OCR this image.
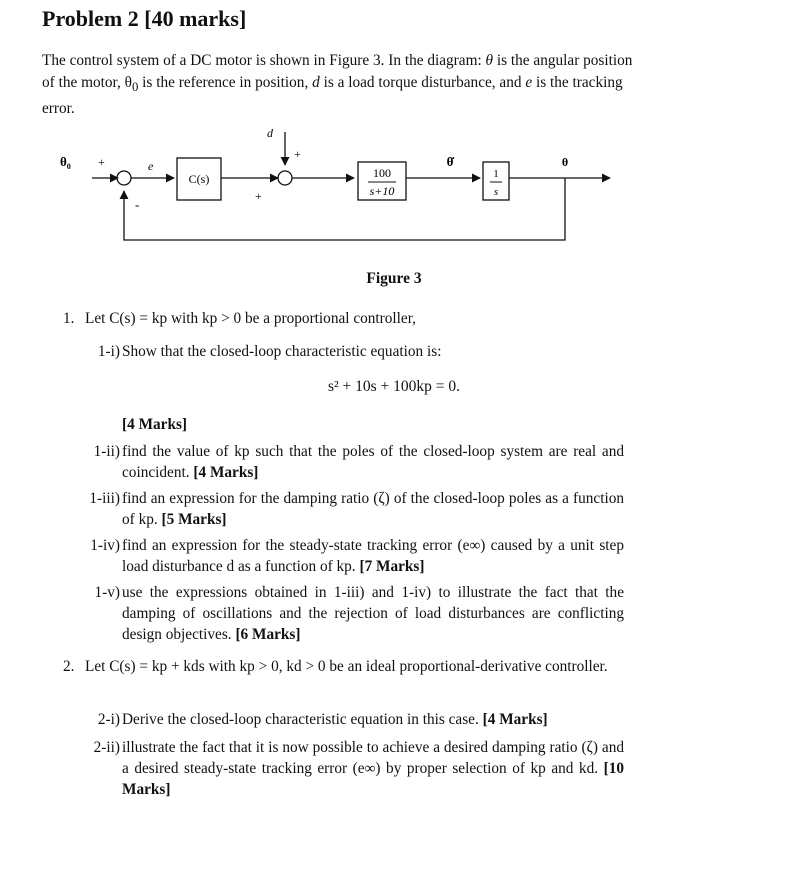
Problem 2 [40 marks]

The control system of a DC motor is shown in Figure 3. In the diagram: θ is the angular position of the motor, $\theta_0$ is the reference in position, d is a load torque disturbance, and e is the tracking error.

$\theta_0$ +
-
e
C(s)
d
+
+
100
s+10
θ̇
1
s
θ
Figure 3
1. Let C(s) = kp with kp > 0 be a proportional controller,
1-i) Show that the closed-loop characteristic equation is:
s² + 10s + 100kp = 0.
[4 Marks]
1-ii) find the value of kp such that the poles of the closed-loop system are real and coincident. [4 Marks]
1-iii) find an expression for the damping ratio (ζ) of the closed-loop poles as a function of kp. [5 Marks]
1-iv) find an expression for the steady-state tracking error (e∞) caused by a unit step load disturbance d as a function of kp. [7 Marks]
1-v) use the expressions obtained in 1-iii) and 1-iv) to illustrate the fact that the damping of oscillations and the rejection of load disturbances are conflicting design objectives. [6 Marks]
2. Let C(s) = kp + kds with kp > 0, kd > 0 be an ideal proportional-derivative controller.
2-i) Derive the closed-loop characteristic equation in this case. [4 Marks]
2-ii) illustrate the fact that it is now possible to achieve a desired damping ratio (ζ) and a desired steady-state tracking error (e∞) by proper selection of kp and kd. [10 Marks]
